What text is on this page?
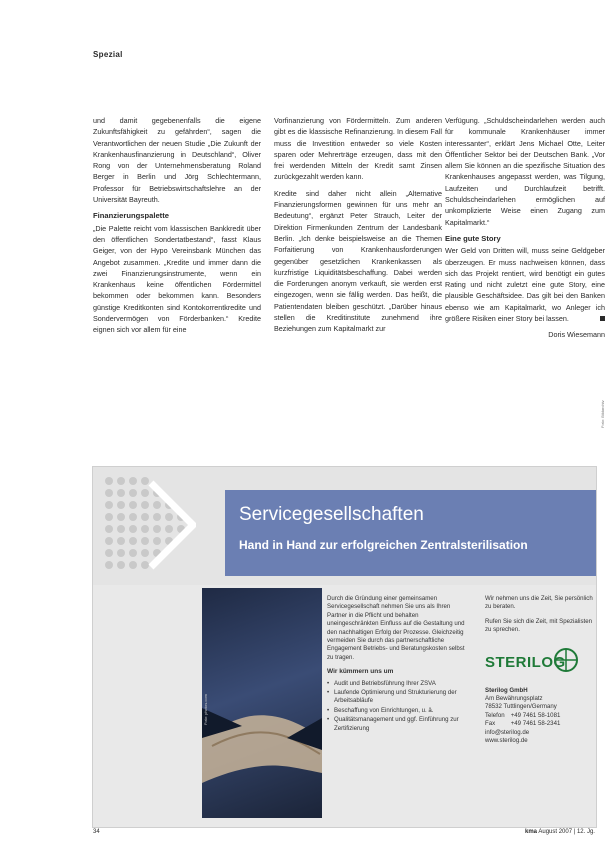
Spezial

und damit gegebenenfalls die eigene Zukunftsfähigkeit zu gefährden“, sagen die Verantwortlichen der neuen Studie „Die Zukunft der Krankenhausfinanzierung in Deutschland“, Oliver Rong von der Unternehmensberatung Roland Berger in Berlin und Jörg Schlechtermann, Professor für Betriebswirtschaftslehre an der Universität Bayreuth.

Finanzierungspalette

„Die Palette reicht vom klassischen Bankkredit über den öffentlichen Sondertatbestand“, fasst Klaus Geiger, von der Hypo Vereinsbank München das Angebot zusammen. „Kredite und immer dann die zwei Finanzierungsinstrumente, wenn ein Krankenhaus keine öffentlichen Fördermittel bekommen oder bekommen kann. Besonders günstige Kreditkonten sind Kontokorrentkredite und Sondervermögen von Förderbanken.“ Kredite eignen sich vor allem für eine

Vorfinanzierung von Fördermitteln. Zum anderen gibt es die klassische Refinanzierung. In diesem Fall muss die Investition entweder so viele Kosten sparen oder Mehrerträge erzeugen, dass mit den frei werdenden Mitteln der Kredit samt Zinsen zurückgezahlt werden kann.

Kredite sind daher nicht allein „Alternative Finanzierungsformen gewinnen für uns mehr an Bedeutung“, ergänzt Peter Strauch, Leiter der Direktion Firmenkunden Zentrum der Landesbank Berlin. „Ich denke beispielsweise an die Themen Forfaitierung von Krankenhausforderungen gegenüber gesetzlichen Krankenkassen als kurzfristige Liquiditätsbeschaffung. Dabei werden die Forderungen anonym verkauft, sie werden erst eingezogen, wenn sie fällig werden. Das heißt, die Patientendaten bleiben geschützt. „Darüber hinaus stellen die Kreditinstitute zunehmend ihre Beziehungen zum Kapitalmarkt zur

Verfügung. „Schuldscheindarlehen werden auch für kommunale Krankenhäuser immer interessanter“, erklärt Jens Michael Otte, Leiter Öffentlicher Sektor bei der Deutschen Bank. „Vor allem Sie können an die spezifische Situation des Krankenhauses angepasst werden, was Tilgung, Laufzeiten und Durchlaufzeit betrifft. Schuldscheindarlehen ermöglichen auf unkomplizierte Weise einen Zugang zum Kapitalmarkt.“

Eine gute Story

Wer Geld von Dritten will, muss seine Geldgeber überzeugen. Er muss nachweisen können, dass sich das Projekt rentiert, wird benötigt ein gutes Rating und nicht zuletzt eine gute Story, eine plausible Geschäftsidee. Das gilt bei den Banken ebenso wie am Kapitalmarkt, wo Anleger ich größere Risiken einer Story bei lassen.

Doris Wiesemann
Foto: Bildarchiv
Servicegesellschaften
Hand in Hand zur erfolgreichen Zentralsterilisation
Foto: photos.com
Durch die Gründung einer gemeinsamen Servicegesellschaft nehmen Sie uns als Ihren Partner in die Pflicht und behalten uneingeschränkten Einfluss auf die Gestaltung und den nachhaltigen Erfolg der Prozesse. Gleichzeitig vermeiden Sie durch das partnerschaftliche Engagement Betriebs- und Beratungskosten selbst zu tragen.
Wir kümmern uns um
• Audit und Betriebsführung Ihrer ZSVA
• Laufende Optimierung und Strukturierung der Arbeitsabläufe
• Beschaffung von Einrichtungen, u. ä.
• Qualitätsmanagement und ggf. Einführung zur Zertifizierung

Wir nehmen uns die Zeit, Sie persönlich zu beraten.

Rufen Sie sich die Zeit, mit Spezialisten zu sprechen.

STERILOG
Sterilog GmbH
Am Bewährungsplatz
78532 Tuttlingen/Germany
Telefon +49 7461 58-1081
Fax	+49 7461 58-2341
info@sterilog.de
www.sterilog.de
34	kma August 2007 | 12. Jg.
